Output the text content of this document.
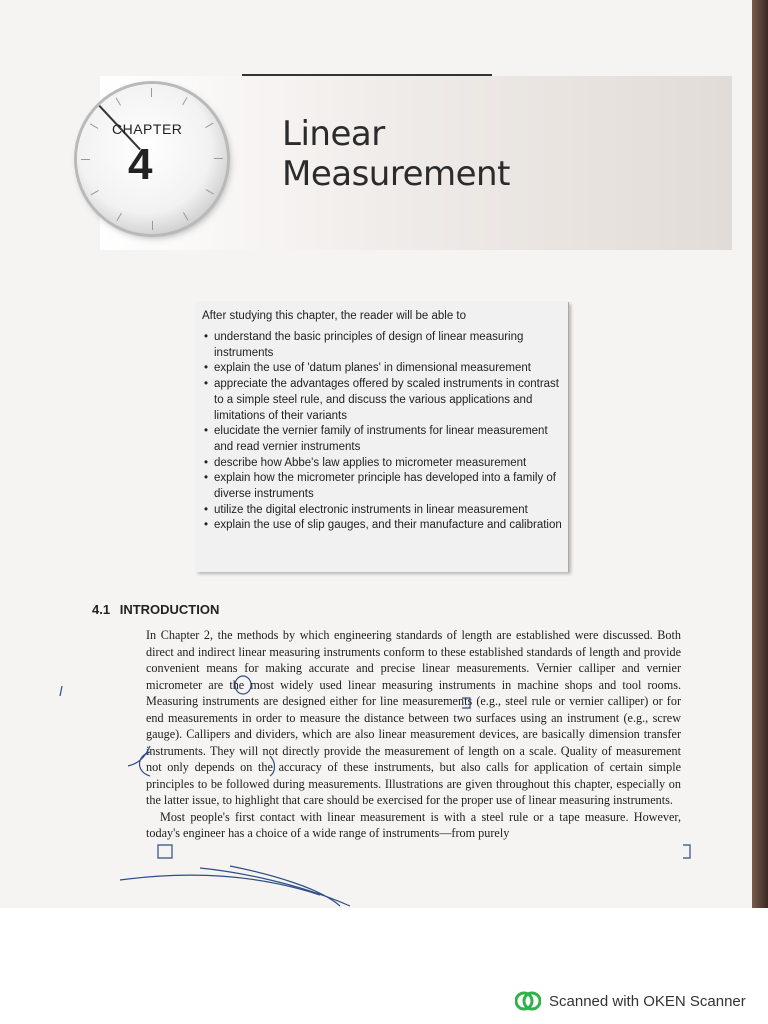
CHAPTER
4
Linear
Measurement
After studying this chapter, the reader will be able to
• understand the basic principles of design of linear measuring instruments
• explain the use of 'datum planes' in dimensional measurement
• appreciate the advantages offered by scaled instruments in contrast to a simple steel rule, and discuss the various applications and limitations of their variants
• elucidate the vernier family of instruments for linear measurement and read vernier instruments
• describe how Abbe's law applies to micrometer measurement
• explain how the micrometer principle has developed into a family of diverse instruments
• utilize the digital electronic instruments in linear measurement
• explain the use of slip gauges, and their manufacture and calibration
4.1 INTRODUCTION

In Chapter 2, the methods by which engineering standards of length are established were discussed. Both direct and indirect linear measuring instruments conform to these established standards of length and provide convenient means for making accurate and precise linear measurements. Vernier calliper and vernier micrometer are the most widely used linear measuring instruments in machine shops and tool rooms. Measuring instruments are designed either for line measurements (e.g., steel rule or vernier calliper) or for end measurements in order to measure the distance between two surfaces using an instrument (e.g., screw gauge). Callipers and dividers, which are also linear measurement devices, are basically dimension transfer instruments. They will not directly provide the measurement of length on a scale. Quality of measurement not only depends on the accuracy of these instruments, but also calls for application of certain simple principles to be followed during measurements. Illustrations are given throughout this chapter, especially on the latter issue, to highlight that care should be exercised for the proper use of linear measuring instruments.

Most people's first contact with linear measurement is with a steel rule or a tape measure. However, today's engineer has a choice of a wide range of instruments—from purely

Scanned with OKEN Scanner
